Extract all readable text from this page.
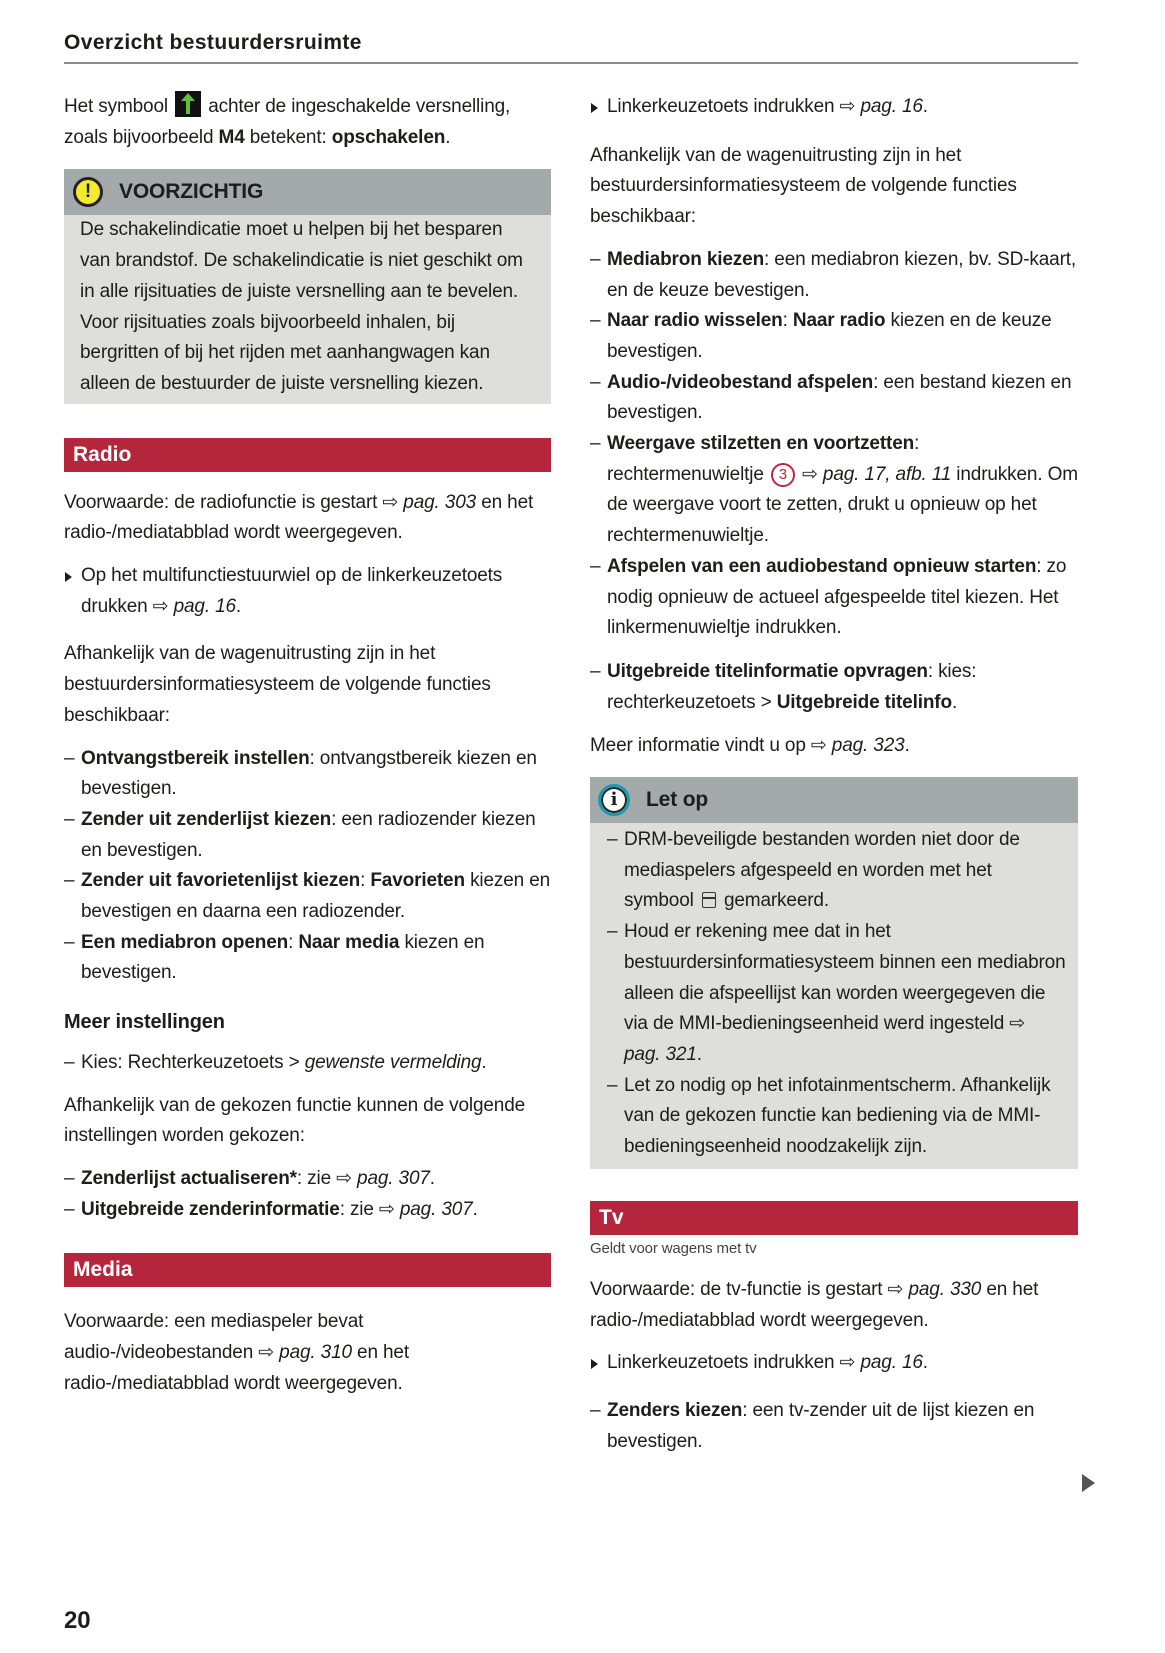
Overzicht bestuurdersruimte

Het symbool  achter de ingeschakelde versnelling, zoals bijvoorbeeld M4 betekent: opschakelen.

!	VOORZICHTIG
De schakelindicatie moet u helpen bij het besparen van brandstof. De schakelindicatie is niet geschikt om in alle rijsituaties de juiste versnelling aan te bevelen. Voor rijsituaties zoals bijvoorbeeld inhalen, bij bergritten of bij het rijden met aanhangwagen kan alleen de bestuurder de juiste versnelling kiezen.
Radio

Voorwaarde: de radiofunctie is gestart ⇨ pag. 303 en het radio-/mediatabblad wordt weergegeven.

Op het multifunctiestuurwiel op de linkerkeuzetoets drukken ⇨ pag. 16.

Afhankelijk van de wagenuitrusting zijn in het bestuurdersinformatiesysteem de volgende functies beschikbaar:

– Ontvangstbereik instellen: ontvangstbereik kiezen en bevestigen.
– Zender uit zenderlijst kiezen: een radiozender kiezen en bevestigen.
– Zender uit favorietenlijst kiezen: Favorieten kiezen en bevestigen en daarna een radiozender.
– Een mediabron openen: Naar media kiezen en bevestigen.
Meer instellingen
– Kies: Rechterkeuzetoets > gewenste vermelding.

Afhankelijk van de gekozen functie kunnen de volgende instellingen worden gekozen:

– Zenderlijst actualiseren*: zie ⇨ pag. 307.
– Uitgebreide zenderinformatie: zie ⇨ pag. 307.
Media

Voorwaarde: een mediaspeler bevat audio-/videobestanden ⇨ pag. 310 en het radio-/mediatabblad wordt weergegeven.

20

Linkerkeuzetoets indrukken ⇨ pag. 16.

Afhankelijk van de wagenuitrusting zijn in het bestuurdersinformatiesysteem de volgende functies beschikbaar:

– Mediabron kiezen: een mediabron kiezen, bv. SD-kaart, en de keuze bevestigen.
– Naar radio wisselen: Naar radio kiezen en de keuze bevestigen.
– Audio-/videobestand afspelen: een bestand kiezen en bevestigen.
– Weergave stilzetten en voortzetten: rechtermenuwieltje 3 ⇨ pag. 17, afb. 11 indrukken. Om de weergave voort te zetten, drukt u opnieuw op het rechtermenuwieltje.
– Afspelen van een audiobestand opnieuw starten: zo nodig opnieuw de actueel afgespeelde titel kiezen. Het linkermenuwieltje indrukken.
– Uitgebreide titelinformatie opvragen: kies: rechterkeuzetoets > Uitgebreide titelinfo.

Meer informatie vindt u op ⇨ pag. 323.

i	Let op
– DRM-beveiligde bestanden worden niet door de mediaspelers afgespeeld en worden met het symbool  gemarkeerd.
– Houd er rekening mee dat in het bestuurdersinformatiesysteem binnen een mediabron alleen die afspeellijst kan worden weergegeven die via de MMI-bedieningseenheid werd ingesteld ⇨ pag. 321.
– Let zo nodig op het infotainmentscherm. Afhankelijk van de gekozen functie kan bediening via de MMI-bedieningseenheid noodzakelijk zijn.
Tv
Geldt voor wagens met tv

Voorwaarde: de tv-functie is gestart ⇨ pag. 330 en het radio-/mediatabblad wordt weergegeven.

Linkerkeuzetoets indrukken ⇨ pag. 16.

– Zenders kiezen: een tv-zender uit de lijst kiezen en bevestigen.
